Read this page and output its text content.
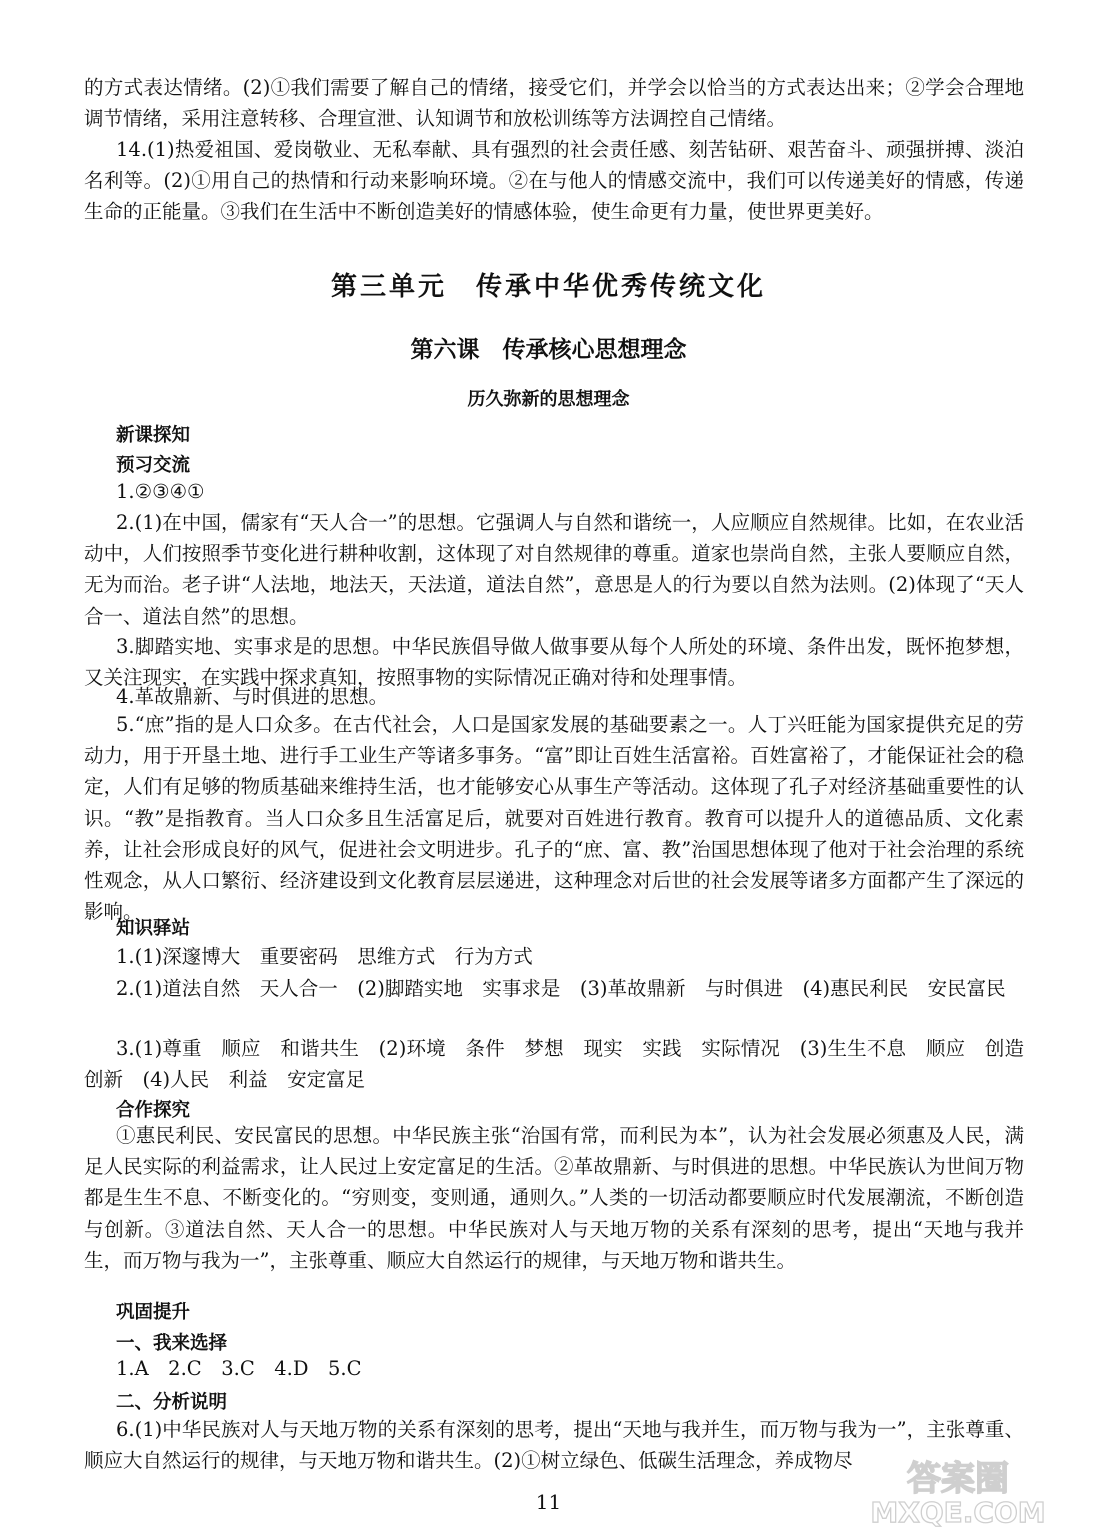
的方式表达情绪。(2)①我们需要了解自己的情绪，接受它们，并学会以恰当的方式表达出来；②学会合理地调节情绪，采用注意转移、合理宣泄、认知调节和放松训练等方法调控自己情绪。

14.(1)热爱祖国、爱岗敬业、无私奉献、具有强烈的社会责任感、刻苦钻研、艰苦奋斗、顽强拼搏、淡泊名利等。(2)①用自己的热情和行动来影响环境。②在与他人的情感交流中，我们可以传递美好的情感，传递生命的正能量。③我们在生活中不断创造美好的情感体验，使生命更有力量，使世界更美好。

第三单元　传承中华优秀传统文化
第六课　传承核心思想理念
历久弥新的思想理念
新课探知
预习交流

1.②③④①

2.(1)在中国，儒家有“天人合一”的思想。它强调人与自然和谐统一，人应顺应自然规律。比如，在农业活动中，人们按照季节变化进行耕种收割，这体现了对自然规律的尊重。道家也崇尚自然，主张人要顺应自然，无为而治。老子讲“人法地，地法天，天法道，道法自然”，意思是人的行为要以自然为法则。(2)体现了“天人合一、道法自然”的思想。

3.脚踏实地、实事求是的思想。中华民族倡导做人做事要从每个人所处的环境、条件出发，既怀抱梦想，又关注现实，在实践中探求真知，按照事物的实际情况正确对待和处理事情。

4.革故鼎新、与时俱进的思想。

5.“庶”指的是人口众多。在古代社会，人口是国家发展的基础要素之一。人丁兴旺能为国家提供充足的劳动力，用于开垦土地、进行手工业生产等诸多事务。“富”即让百姓生活富裕。百姓富裕了，才能保证社会的稳定，人们有足够的物质基础来维持生活，也才能够安心从事生产等活动。这体现了孔子对经济基础重要性的认识。“教”是指教育。当人口众多且生活富足后，就要对百姓进行教育。教育可以提升人的道德品质、文化素养，让社会形成良好的风气，促进社会文明进步。孔子的“庶、富、教”治国思想体现了他对于社会治理的系统性观念，从人口繁衍、经济建设到文化教育层层递进，这种理念对后世的社会发展等诸多方面都产生了深远的影响。

知识驿站

1.(1)深邃博大　重要密码　思维方式　行为方式

2.(1)道法自然　天人合一　(2)脚踏实地　实事求是　(3)革故鼎新　与时俱进　(4)惠民利民　安民富民

3.(1)尊重　顺应　和谐共生　(2)环境　条件　梦想　现实　实践　实际情况　(3)生生不息　顺应　创造　创新　(4)人民　利益　安定富足

合作探究

①惠民利民、安民富民的思想。中华民族主张“治国有常，而利民为本”，认为社会发展必须惠及人民，满足人民实际的利益需求，让人民过上安定富足的生活。②革故鼎新、与时俱进的思想。中华民族认为世间万物都是生生不息、不断变化的。“穷则变，变则通，通则久。”人类的一切活动都要顺应时代发展潮流，不断创造与创新。③道法自然、天人合一的思想。中华民族对人与天地万物的关系有深刻的思考，提出“天地与我并生，而万物与我为一”，主张尊重、顺应大自然运行的规律，与天地万物和谐共生。

巩固提升
一、我来选择

1.A　2.C　3.C　4.D　5.C

二、分析说明

6.(1)中华民族对人与天地万物的关系有深刻的思考，提出“天地与我并生，而万物与我为一”，主张尊重、顺应大自然运行的规律，与天地万物和谐共生。(2)①树立绿色、低碳生活理念，养成物尽

11
答案圈
MXQE.COM
